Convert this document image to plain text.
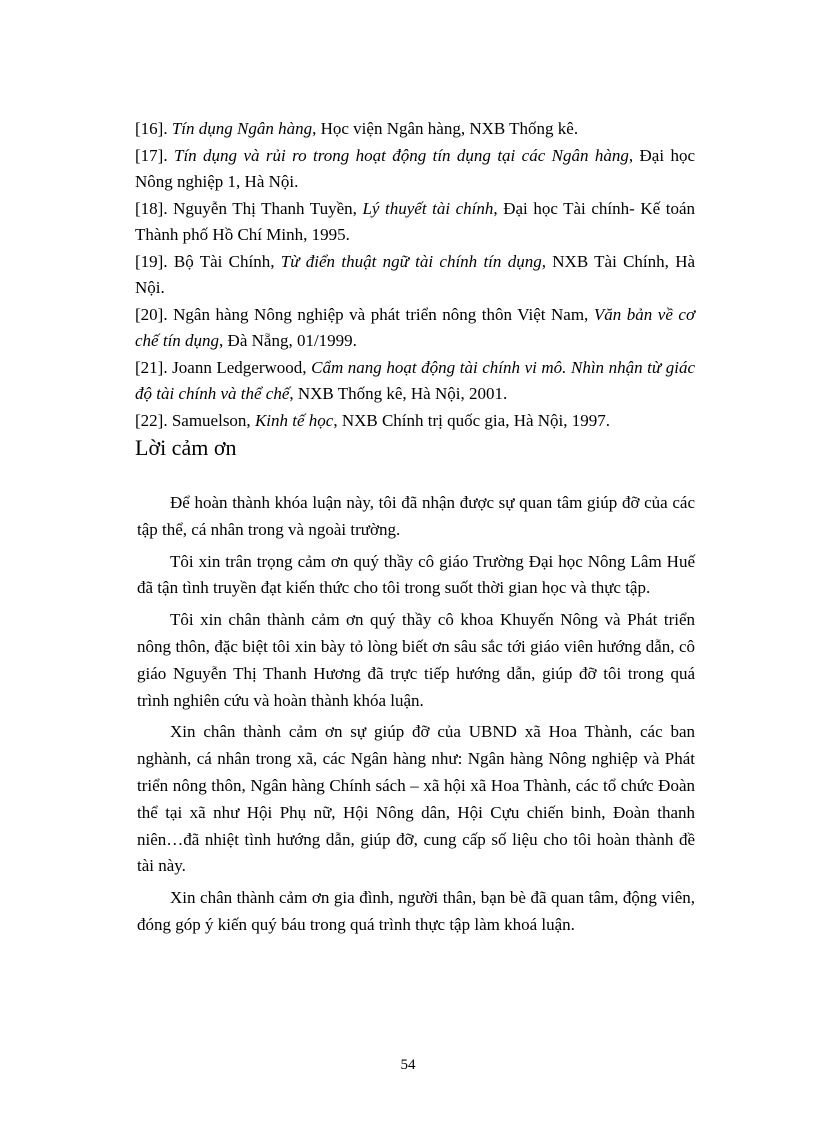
[16]. Tín dụng Ngân hàng, Học viện Ngân hàng, NXB Thống kê.

[17]. Tín dụng và rủi ro trong hoạt động tín dụng tại các Ngân hàng, Đại học Nông nghiệp 1, Hà Nội.

[18]. Nguyễn Thị Thanh Tuyền, Lý thuyết tài chính, Đại học Tài chính- Kế toán Thành phố Hồ Chí Minh, 1995.

[19]. Bộ Tài Chính, Từ điển thuật ngữ tài chính tín dụng, NXB Tài Chính, Hà Nội.

[20]. Ngân hàng Nông nghiệp và phát triển nông thôn Việt Nam, Văn bản về cơ chế tín dụng, Đà Nẵng, 01/1999.

[21]. Joann Ledgerwood, Cẩm nang hoạt động tài chính vi mô. Nhìn nhận từ giác độ tài chính và thể chế, NXB Thống kê, Hà Nội, 2001.

[22]. Samuelson, Kinh tế học, NXB Chính trị quốc gia, Hà Nội, 1997.

Lời cảm ơn

Để hoàn thành khóa luận này, tôi đã nhận được sự quan tâm giúp đỡ của các tập thể, cá nhân trong và ngoài trường.

Tôi xin trân trọng cảm ơn quý thầy cô giáo Trường Đại học Nông Lâm Huế đã tận tình truyền đạt kiến thức cho tôi trong suốt thời gian học và thực tập.

Tôi xin chân thành cảm ơn quý thầy cô khoa Khuyến Nông và Phát triển nông thôn, đặc biệt tôi xin bày tỏ lòng biết ơn sâu sắc tới giáo viên hướng dẫn, cô giáo Nguyễn Thị Thanh Hương đã trực tiếp hướng dẫn, giúp đỡ tôi trong quá trình nghiên cứu và hoàn thành khóa luận.

Xin chân thành cảm ơn sự giúp đỡ của UBND xã Hoa Thành, các ban nghành, cá nhân trong xã, các Ngân hàng như: Ngân hàng Nông nghiệp và Phát triển nông thôn, Ngân hàng Chính sách – xã hội xã Hoa Thành, các tổ chức Đoàn thể tại xã như Hội Phụ nữ, Hội Nông dân, Hội Cựu chiến binh, Đoàn thanh niên…đã nhiệt tình hướng dẫn, giúp đỡ, cung cấp số liệu cho tôi hoàn thành đề tài này.

Xin chân thành cảm ơn gia đình, người thân, bạn bè đã quan tâm, động viên, đóng góp ý kiến quý báu trong quá trình thực tập làm khoá luận.

54
